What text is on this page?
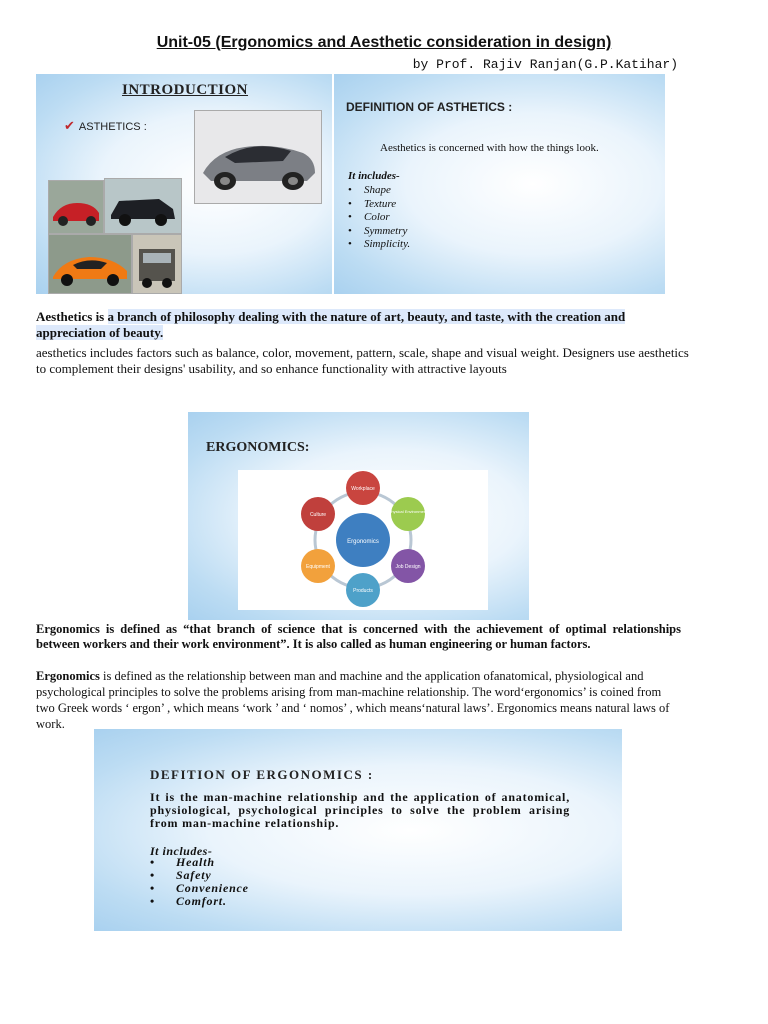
Unit-05 (Ergonomics and Aesthetic consideration in design)
by Prof. Rajiv Ranjan(G.P.Katihar)
INTRODUCTION
✔ ASTHETICS :
DEFINITION OF ASTHETICS :
Aesthetics is concerned with how the things look.
It includes-
• Shape
• Texture
• Color
• Symmetry
• Simplicity.
Aesthetics is a branch of philosophy dealing with the nature of art, beauty, and taste, with the creation and appreciation of beauty.
aesthetics includes factors such as balance, color, movement, pattern, scale, shape and visual weight. Designers use aesthetics to complement their designs' usability, and so enhance functionality with attractive layouts
ERGONOMICS:
Ergonomics
Workplace
Physical Environment
Job Design
Products
Equipment
Culture
Ergonomics is defined as “that branch of science that is concerned with the achievement of optimal relationships between workers and their work environment”. It is also called as human engineering or human factors.
Ergonomics is defined as the relationship between man and machine and the application ofanatomical, physiological and psychological principles to solve the problems arising from man-machine relationship. The word‘ergonomics’ is coined from two Greek words ‘ ergon’ , which means ‘work ’ and ‘ nomos’ , which means‘natural laws’. Ergonomics means natural laws of work.
DEFITION OF ERGONOMICS :
It is the man-machine relationship and the application of anatomical, physiological, psychological principles to solve the problem arising from man-machine relationship.
It includes-
• Health
• Safety
• Convenience
• Comfort.
